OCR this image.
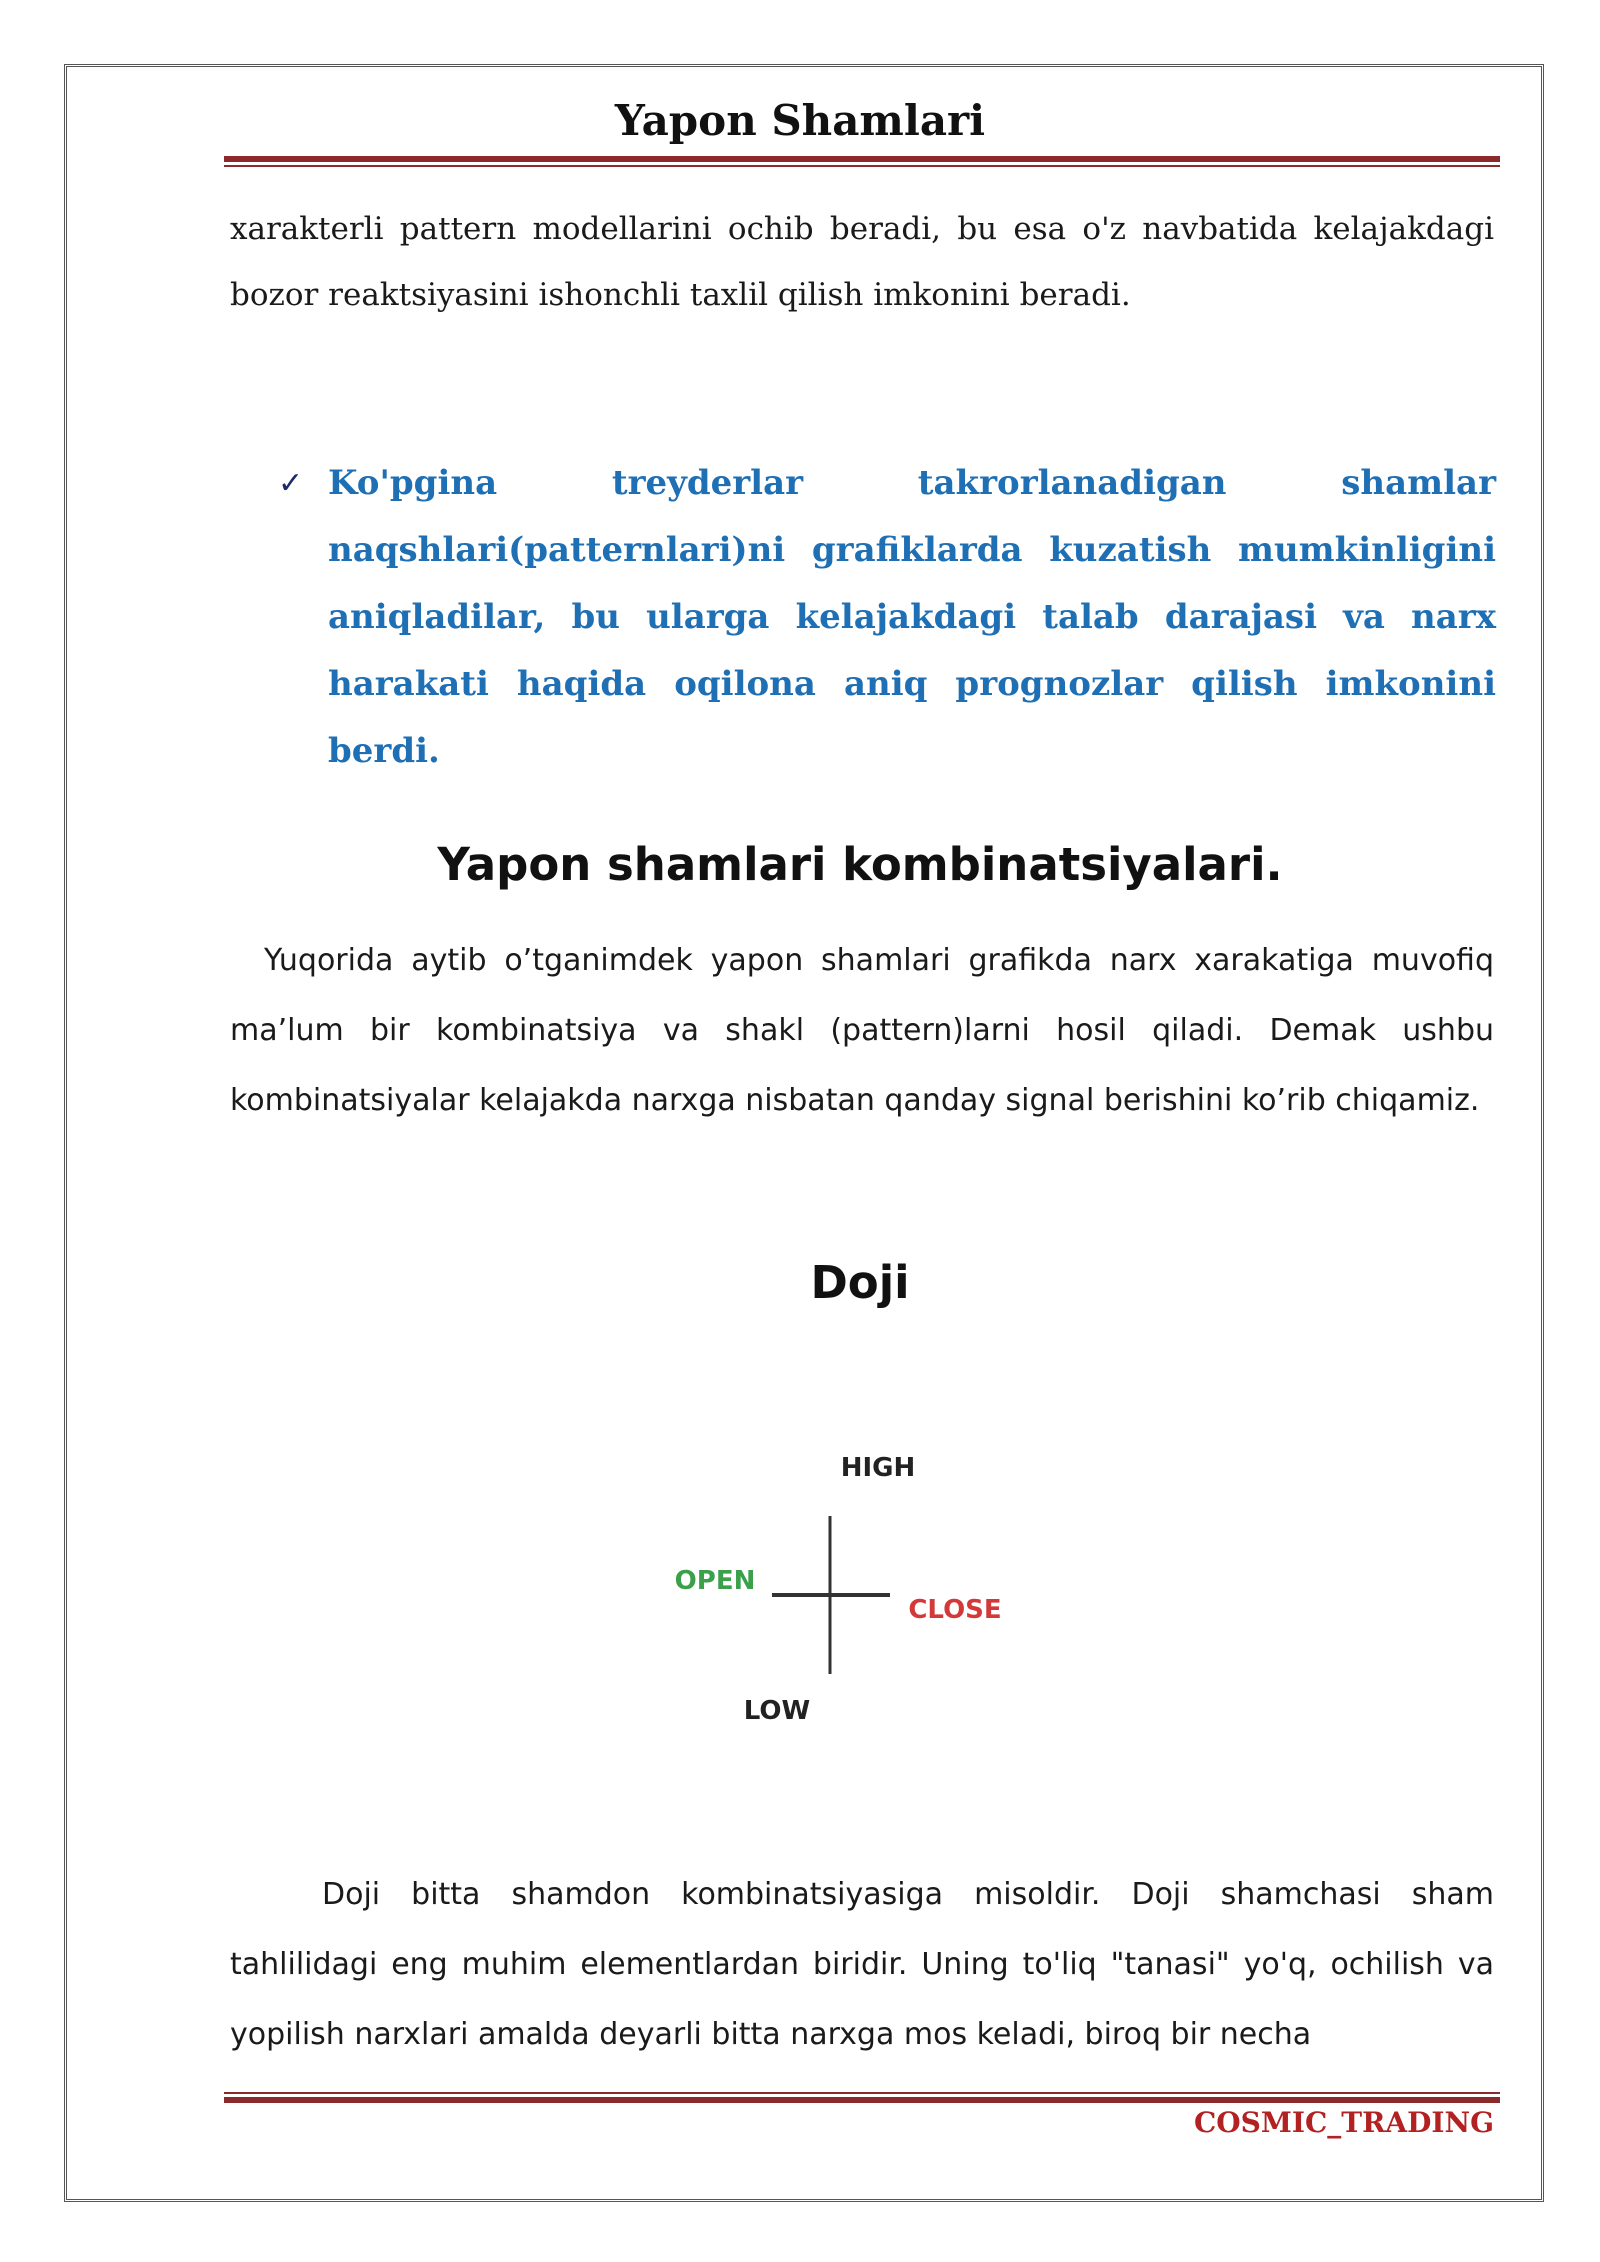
Yapon Shamlari

xarakterli pattern modellarini ochib beradi, bu esa o'z navbatida kelajakdagi bozor reaktsiyasini ishonchli taxlil qilish imkonini beradi.

✓ Ko'pgina treyderlar takrorlanadigan shamlar naqshlari(patternlari)ni grafiklarda kuzatish mumkinligini aniqladilar, bu ularga kelajakdagi talab darajasi va narx harakati haqida oqilona aniq prognozlar qilish imkonini berdi.
Yapon shamlari kombinatsiyalari.

Yuqorida aytib o’tganimdek yapon shamlari grafikda narx xarakatiga muvofiq ma’lum bir kombinatsiya va shakl (pattern)larni hosil qiladi. Demak ushbu kombinatsiyalar kelajakda narxga nisbatan qanday signal berishini ko’rib chiqamiz.

Doji
HIGH
OPEN
CLOSE
LOW

Doji bitta shamdon kombinatsiyasiga misoldir. Doji shamchasi sham tahlilidagi eng muhim elementlardan biridir. Uning to'liq "tanasi" yo'q, ochilish va yopilish narxlari amalda deyarli bitta narxga mos keladi, biroq bir necha

COSMIC_TRADING
